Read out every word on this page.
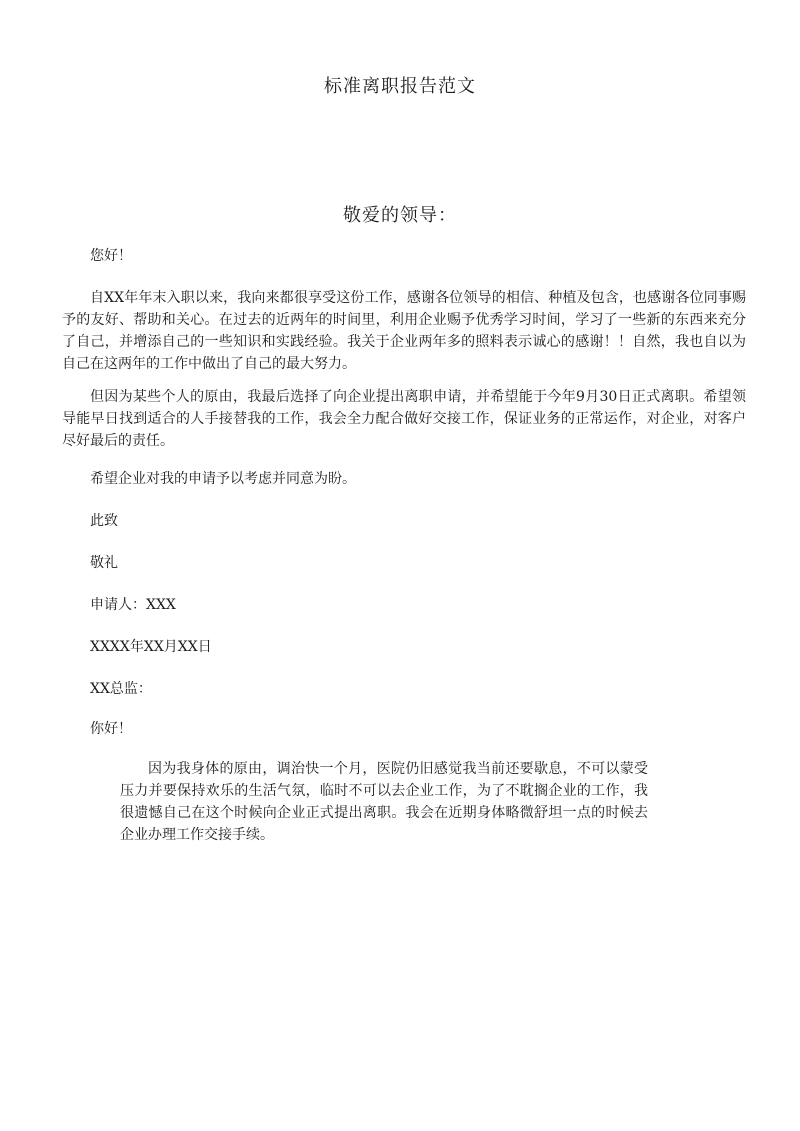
标准离职报告范文
敬爱的领导：
您好！
自XX年年末入职以来，我向来都很享受这份工作，感谢各位领导的相信、种植及包含，也感谢各位同事赐予的友好、帮助和关心。在过去的近两年的时间里，利用企业赐予优秀学习时间，学习了一些新的东西来充分了自己，并增添自己的一些知识和实践经验。我关于企业两年多的照料表示诚心的感谢！！自然，我也自以为自己在这两年的工作中做出了自己的最大努力。
但因为某些个人的原由，我最后选择了向企业提出离职申请，并希望能于今年9月30日正式离职。希望领导能早日找到适合的人手接替我的工作，我会全力配合做好交接工作，保证业务的正常运作，对企业，对客户尽好最后的责任。
希望企业对我的申请予以考虑并同意为盼。
此致
敬礼
申请人：XXX
XXXX年XX月XX日
XX总监：
你好！
因为我身体的原由，调治快一个月，医院仍旧感觉我当前还要歇息，不可以蒙受压力并要保持欢乐的生活气氛，临时不可以去企业工作，为了不耽搁企业的工作，我很遗憾自己在这个时候向企业正式提出离职。我会在近期身体略微舒坦一点的时候去企业办理工作交接手续。
